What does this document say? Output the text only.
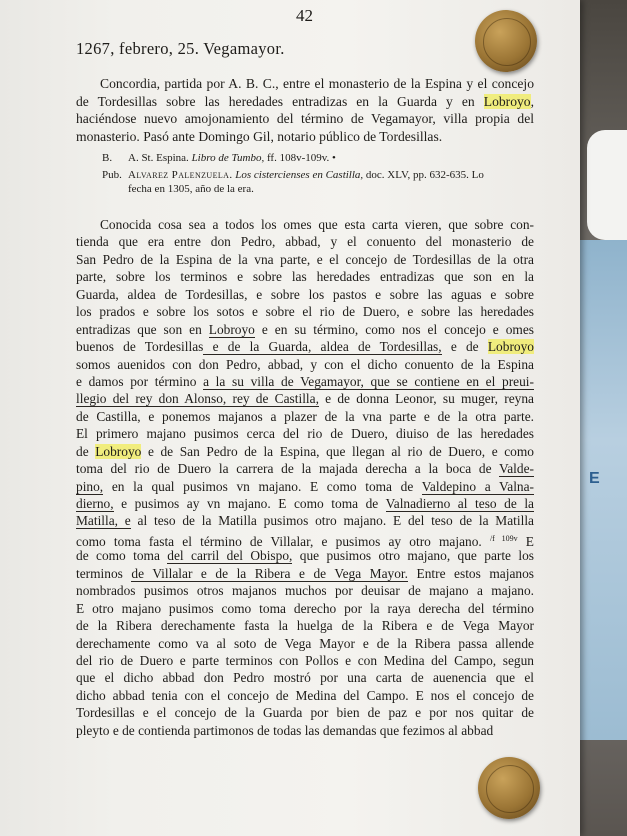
E
42
1267, febrero, 25. Vegamayor.

Concordia, partida por A. B. C., entre el monasterio de la Espina y el concejo de Tordesillas sobre las heredades entradizas en la Guarda y en Lobroyo, haciéndose nuevo amojonamiento del término de Vegamayor, villa propia del monasterio. Pasó ante Domingo Gil, notario público de Tordesillas.

B. A. St. Espina. Libro de Tumbo, ff. 108v-109v. •

Pub. Alvarez Palenzuela. Los cistercienses en Castilla, doc. XLV, pp. 632-635. Lo
fecha en 1305, año de la era.

Conocida cosa sea a todos los omes que esta carta vieren, que sobre con-
tienda que era entre don Pedro, abbad, y el conuento del monasterio de
San Pedro de la Espina de la vna parte, e el concejo de Tordesillas de la otra
parte, sobre los terminos e sobre las heredades entradizas que son en la
Guarda, aldea de Tordesillas, e sobre los pastos e sobre las aguas e sobre
los prados e sobre los sotos e sobre el rio de Duero, e sobre las heredades
entradizas que son en Lobroyo e en su término, como nos el concejo e omes
buenos de Tordesillas e de la Guarda, aldea de Tordesillas, e de Lobroyo
somos auenidos con don Pedro, abbad, y con el dicho conuento de la Espina
e damos por término a la su villa de Vegamayor, que se contiene en el preui-
llegio del rey don Alonso, rey de Castilla, e de donna Leonor, su muger, reyna
de Castilla, e ponemos majanos a plazer de la vna parte e de la otra parte.
El primero majano pusimos cerca del rio de Duero, diuiso de las heredades
de Lobroyo e de San Pedro de la Espina, que llegan al rio de Duero, e como
toma del rio de Duero la carrera de la majada derecha a la boca de Valde-
pino, en la qual pusimos vn majano. E como toma de Valdepino a Valna-
dierno, e pusimos ay vn majano. E como toma de Valnadierno al teso de la
Matilla, e al teso de la Matilla pusimos otro majano. E del teso de la Matilla
como toma fasta el término de Villalar, e pusimos ay otro majano. $^{/f 109v}$ E
de como toma del carril del Obispo, que pusimos otro majano, que parte los
terminos de Villalar e de la Ribera e de Vega Mayor. Entre estos majanos
nombrados pusimos otros majanos muchos por deuisar de majano a majano.
E otro majano pusimos como toma derecho por la raya derecha del término
de la Ribera derechamente fasta la huelga de la Ribera e de Vega Mayor
derechamente como va al soto de Vega Mayor e de la Ribera passa allende
del rio de Duero e parte terminos con Pollos e con Medina del Campo, segun
que el dicho abbad don Pedro mostró por una carta de auenencia que el
dicho abbad tenia con el concejo de Medina del Campo. E nos el concejo de
Tordesillas e el concejo de la Guarda por bien de paz e por nos quitar de
pleyto e de contienda partimonos de todas las demandas que fezimos al abbad
